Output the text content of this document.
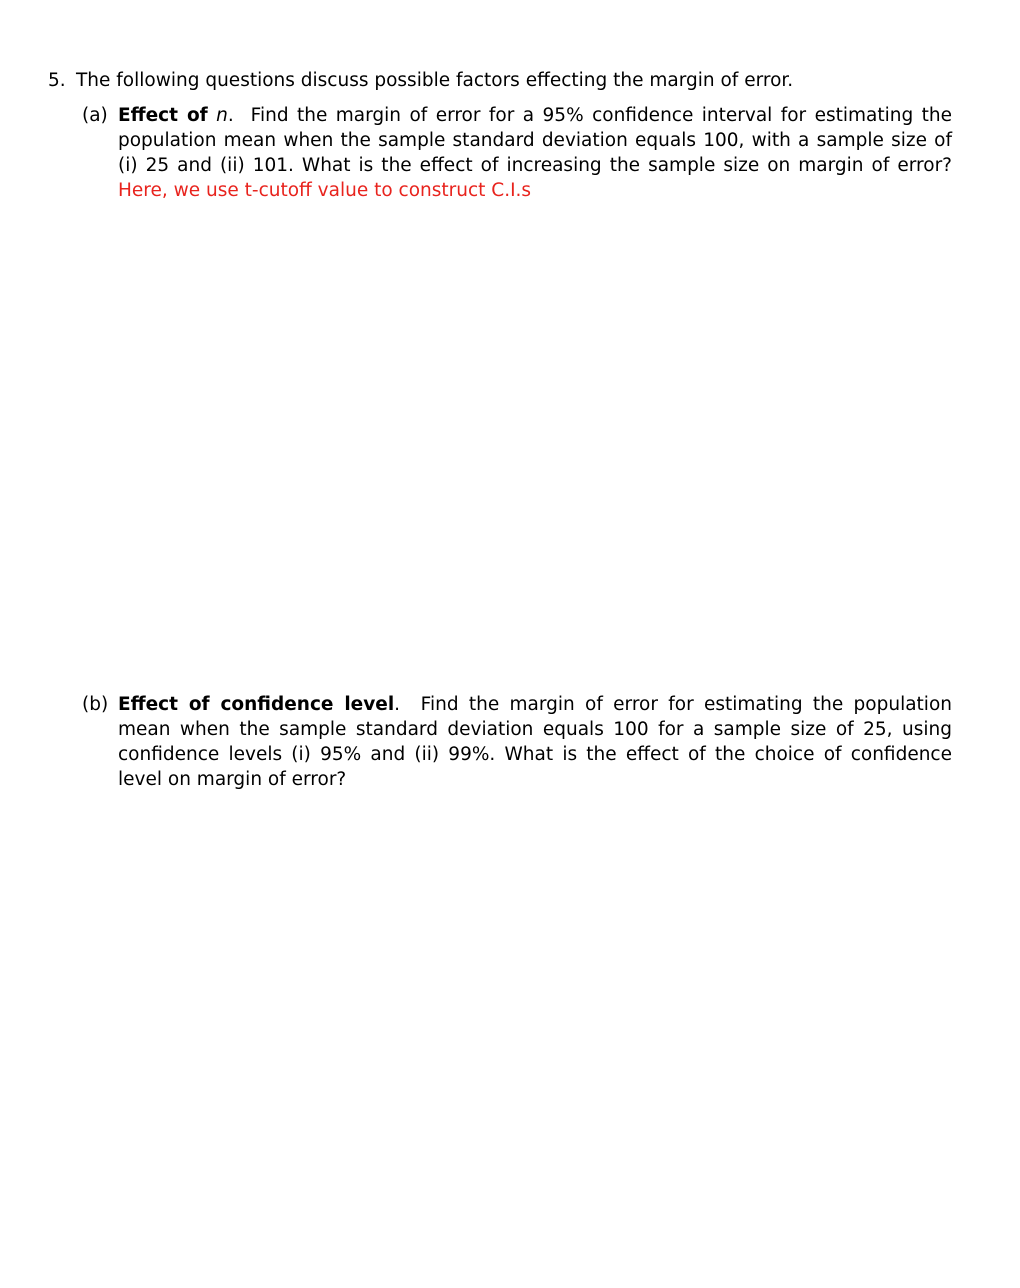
5. The following questions discuss possible factors effecting the margin of error.
(a) Effect of n. Find the margin of error for a 95% confidence interval for estimating the population mean when the sample standard deviation equals 100, with a sample size of (i) 25 and (ii) 101. What is the effect of increasing the sample size on margin of error? Here, we use t-cutoff value to construct C.I.s
(b) Effect of confidence level. Find the margin of error for estimating the population mean when the sample standard deviation equals 100 for a sample size of 25, using confidence levels (i) 95% and (ii) 99%. What is the effect of the choice of confidence level on margin of error?
